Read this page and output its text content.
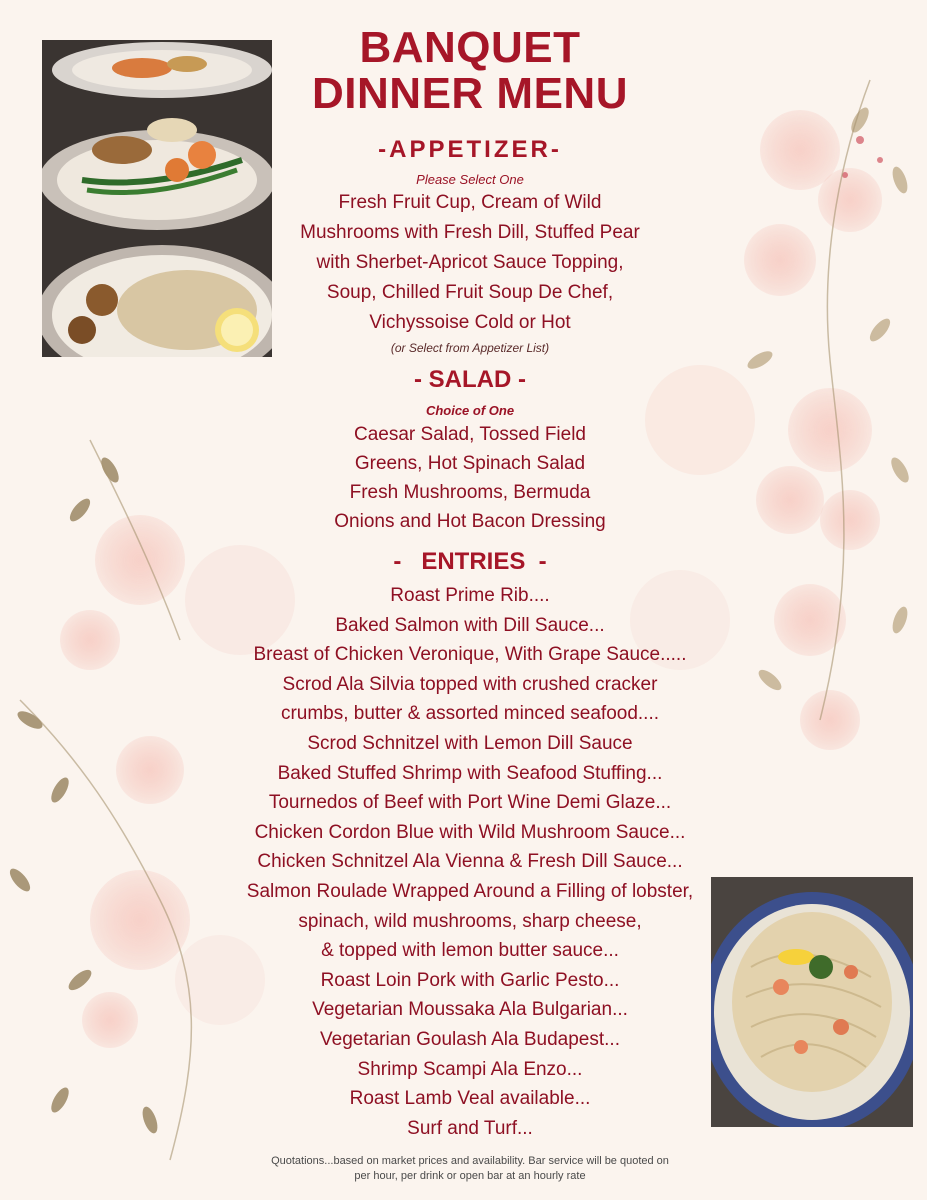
BANQUET
DINNER MENU
-APPETIZER-
Please Select One
Fresh Fruit Cup, Cream of Wild
Mushrooms with Fresh Dill, Stuffed Pear
with Sherbet-Apricot Sauce Topping,
Soup, Chilled Fruit Soup De Chef,
Vichyssoise Cold or Hot
(or Select from Appetizer List)
- SALAD -
Choice of One
Caesar Salad, Tossed Field
Greens, Hot Spinach Salad
Fresh Mushrooms, Bermuda
Onions and Hot Bacon Dressing
-   ENTRIES  -
Roast Prime Rib....
Baked Salmon with Dill Sauce...
Breast of Chicken Veronique, With Grape Sauce.....
Scrod Ala Silvia topped with crushed cracker
crumbs, butter & assorted minced seafood....
Scrod Schnitzel with Lemon Dill Sauce
Baked Stuffed Shrimp with Seafood Stuffing...
Tournedos of Beef with Port Wine Demi Glaze...
Chicken Cordon Blue with Wild Mushroom Sauce...
Chicken Schnitzel Ala Vienna & Fresh Dill Sauce...
Salmon Roulade Wrapped Around a Filling of lobster,
spinach, wild mushrooms, sharp cheese,
& topped with lemon butter sauce...
Roast Loin Pork with Garlic Pesto...
Vegetarian Moussaka Ala Bulgarian...
Vegetarian Goulash Ala Budapest...
Shrimp Scampi Ala Enzo...
Roast Lamb Veal available...
Surf and Turf...
Quotations...based on market prices and availability. Bar service will be quoted on
per hour, per drink or open bar at an hourly rate
